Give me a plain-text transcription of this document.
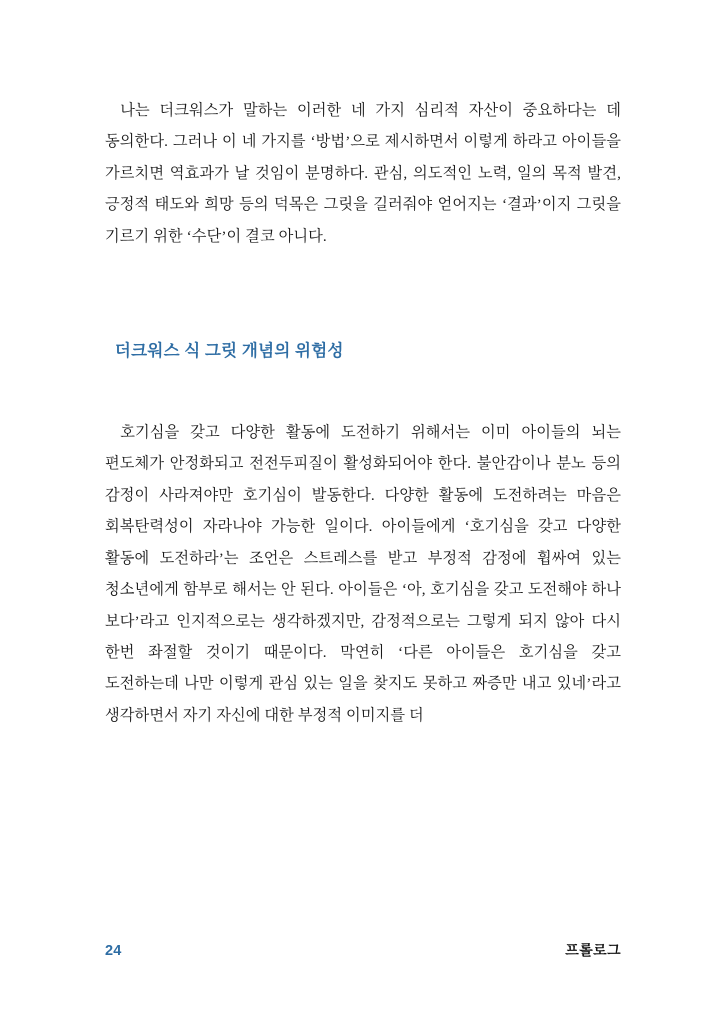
나는 더크워스가 말하는 이러한 네 가지 심리적 자산이 중요하다는 데 동의한다. 그러나 이 네 가지를 ‘방법’으로 제시하면서 이렇게 하라고 아이들을 가르치면 역효과가 날 것임이 분명하다. 관심, 의도적인 노력, 일의 목적 발견, 긍정적 태도와 희망 등의 덕목은 그릿을 길러줘야 얻어지는 ‘결과’이지 그릿을 기르기 위한 ‘수단’이 결코 아니다.

더크워스 식 그릿 개념의 위험성

호기심을 갖고 다양한 활동에 도전하기 위해서는 이미 아이들의 뇌는 편도체가 안정화되고 전전두피질이 활성화되어야 한다. 불안감이나 분노 등의 감정이 사라져야만 호기심이 발동한다. 다양한 활동에 도전하려는 마음은 회복탄력성이 자라나야 가능한 일이다. 아이들에게 ‘호기심을 갖고 다양한 활동에 도전하라’는 조언은 스트레스를 받고 부정적 감정에 휩싸여 있는 청소년에게 함부로 해서는 안 된다. 아이들은 ‘아, 호기심을 갖고 도전해야 하나 보다’라고 인지적으로는 생각하겠지만, 감정적으로는 그렇게 되지 않아 다시 한번 좌절할 것이기 때문이다. 막연히 ‘다른 아이들은 호기심을 갖고 도전하는데 나만 이렇게 관심 있는 일을 찾지도 못하고 짜증만 내고 있네’라고 생각하면서 자기 자신에 대한 부정적 이미지를 더

24	프롤로그
